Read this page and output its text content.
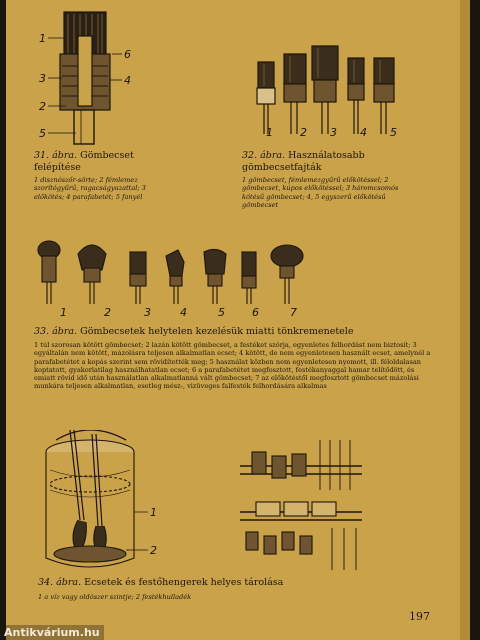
1
6
3	4
2
5
31. ábra. Gömbecset felépítése
1 disznószőr-sörte; 2 fémlemez szorítógyűrű, ragacságyazattal; 3 előkötés; 4 parafabetét; 5 fanyél
1 2 3 4 5
32. ábra. Használatosabb gömbecsetfajták
1 gömbecset, fémlemezgyűrű előkötéssel; 2 gömbecset, kúpos előkötéssel; 3 háromcsomós kötésű gömbecset; 4, 5 egyszerű előkötésű gömbecset
1	2	3	4	5 6	7
33. ábra. Gömbecsetek helytelen kezelésük miatti tönkremenetele
1 túl szorosan kötött gömbecset; 2 lazán kötött gömbecset, a festéket szórja, egyenletes felhordást nem biztosít; 3 egyáltalán nem kötött, mázolásra teljesen alkalmatlan ecset; 4 kötött, de nem egyenletesen használt ecset, amelynél a parafabetétet a kopás szerint sem rövidítették meg; 5 használat közben nem egyenletesen nyomott, ill. féloldalasan koptatott, gyakorlatilag használhatatlan ecset; 6 a parafabetétet megfosztott, festékanyaggal hamar telítődött, és emiatt rövid idő után használatlan alkalmatlanná vált gömbecset; 7 az előkötéstől megfosztott gömbecset mázolási munkára teljesen alkalmatlan, esetleg mész-, vizüveges falfesték felhordására alkalmas
1
2
34. ábra. Ecsetek és festőhengerek helyes tárolása
1 a víz vagy oldószer szintje; 2 festékhulladék
197
Antikvárium.hu
